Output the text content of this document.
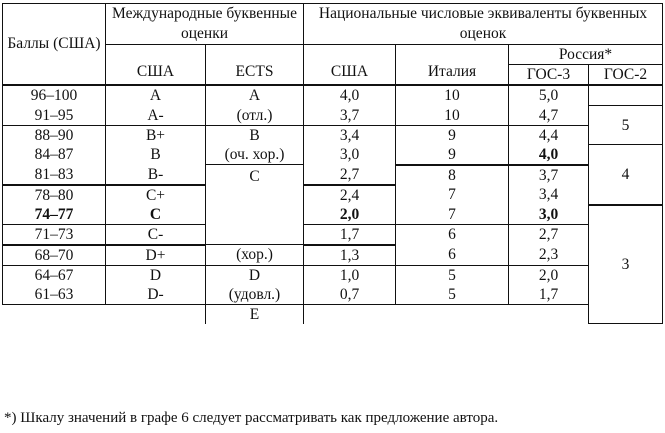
Баллы (США)	Международные буквенные оценки		Национальные числовые эквиваленты буквенных оценок			
	США	ECTS	США	Италия	Россия*	
					ГОС-3	ГОС-2
96–100	A	A	4,0	10	5,0	
91–95	A-	(отл.)	3,7	10	4,7	5
88–90	B+	B	3,4	9	4,4	
84–87	B	(оч. хор.)	3,0	9	4,0	4
81–83	B-	C	2,7	8	3,7	
78–80	C+		2,4	7	3,4	
74–77	C		2,0	7	3,0	3
71–73	C-		1,7	6	2,7	
68–70	D+	(хор.)	1,3	6	2,3	
64–67	D	D	1,0	5	2,0	
61–63	D-	(удовл.)	0,7	5	1,7	
		E				
*) Шкалу значений в графе 6 следует рассматривать как предложение автора.
